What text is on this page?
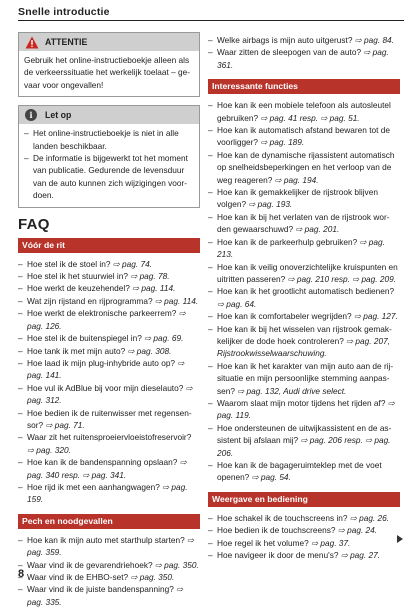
Snelle introductie
ATTENTIE
Gebruik het online-instructieboekje alleen als de verkeerssituatie het werkelijk toelaat – gevaar voor ongevallen!
i	Let op
– Het online-instructieboekje is niet in alle landen beschikbaar.
– De informatie is bijgewerkt tot het moment van publicatie. Gedurende de levensduur van de auto kunnen zich wijzigingen voordoen.
FAQ
Vóór de rit
– Hoe stel ik de stoel in? ⇨ pag. 74.
– Hoe stel ik het stuurwiel in? ⇨ pag. 78.
– Hoe werkt de keuzehendel? ⇨ pag. 114.
– Wat zijn rijstand en rijprogramma? ⇨ pag. 114.
– Hoe werkt de elektronische parkeerrem? ⇨ pag. 126.
– Hoe stel ik de buitenspiegel in? ⇨ pag. 69.
– Hoe tank ik met mijn auto? ⇨ pag. 308.
– Hoe laad ik mijn plug-inhybride auto op? ⇨ pag. 141.
– Hoe vul ik AdBlue bij voor mijn dieselauto? ⇨ pag. 312.
– Hoe bedien ik de ruitenwisser met regensensor? ⇨ pag. 71.
– Waar zit het ruitensproeiervloeistofreservoir? ⇨ pag. 320.
– Hoe kan ik de bandenspanning opslaan? ⇨ pag. 340 resp. ⇨ pag. 341.
– Hoe rijd ik met een aanhangwagen? ⇨ pag. 159.
Pech en noodgevallen
– Hoe kan ik mijn auto met starthulp starten? ⇨ pag. 359.
– Waar vind ik de gevarendriehoek? ⇨ pag. 350.
– Waar vind ik de EHBO-set? ⇨ pag. 350.
– Waar vind ik de juiste bandenspanning? ⇨ pag. 335.
– Welke airbags is mijn auto uitgerust? ⇨ pag. 84.
– Waar zitten de sleepogen van de auto? ⇨ pag. 361.
Interessante functies
– Hoe kan ik een mobiele telefoon als autosleutel gebruiken? ⇨ pag. 41 resp. ⇨ pag. 51.
– Hoe kan ik automatisch afstand bewaren tot de voorligger? ⇨ pag. 189.
– Hoe kan de dynamische rijassistent automatisch op snelheidsbeperkingen en het verloop van de weg reageren? ⇨ pag. 194.
– Hoe kan ik gemakkelijker de rijstrook blijven volgen? ⇨ pag. 193.
– Hoe kan ik bij het verlaten van de rijstrook worden gewaarschuwd? ⇨ pag. 201.
– Hoe kan ik de parkeerhulp gebruiken? ⇨ pag. 213.
– Hoe kan ik veilig onoverzichtelijke kruispunten en uitritten passeren? ⇨ pag. 210 resp. ⇨ pag. 209.
– Hoe kan ik het grootlicht automatisch bedienen? ⇨ pag. 64.
– Hoe kan ik comfortabeler wegrijden? ⇨ pag. 127.
– Hoe kan ik bij het wisselen van rijstrook gemakkelijker de dode hoek controleren? ⇨ pag. 207, Rijstrookwisselwaarschuwing.
– Hoe kan ik het karakter van mijn auto aan de rijsituatie en mijn persoonlijke stemming aanpassen? ⇨ pag. 132, Audi drive select.
– Waarom slaat mijn motor tijdens het rijden af? ⇨ pag. 119.
– Hoe ondersteunen de uitwijkassistent en de assistent bij afslaan mij? ⇨ pag. 206 resp. ⇨ pag. 206.
– Hoe kan ik de bagageruimteklep met de voet openen? ⇨ pag. 54.
Weergave en bediening
– Hoe schakel ik de touchscreens in? ⇨ pag. 26.
– Hoe bedien ik de touchscreens? ⇨ pag. 24.
– Hoe regel ik het volume? ⇨ pag. 37.
– Hoe navigeer ik door de menu's? ⇨ pag. 27.
8
